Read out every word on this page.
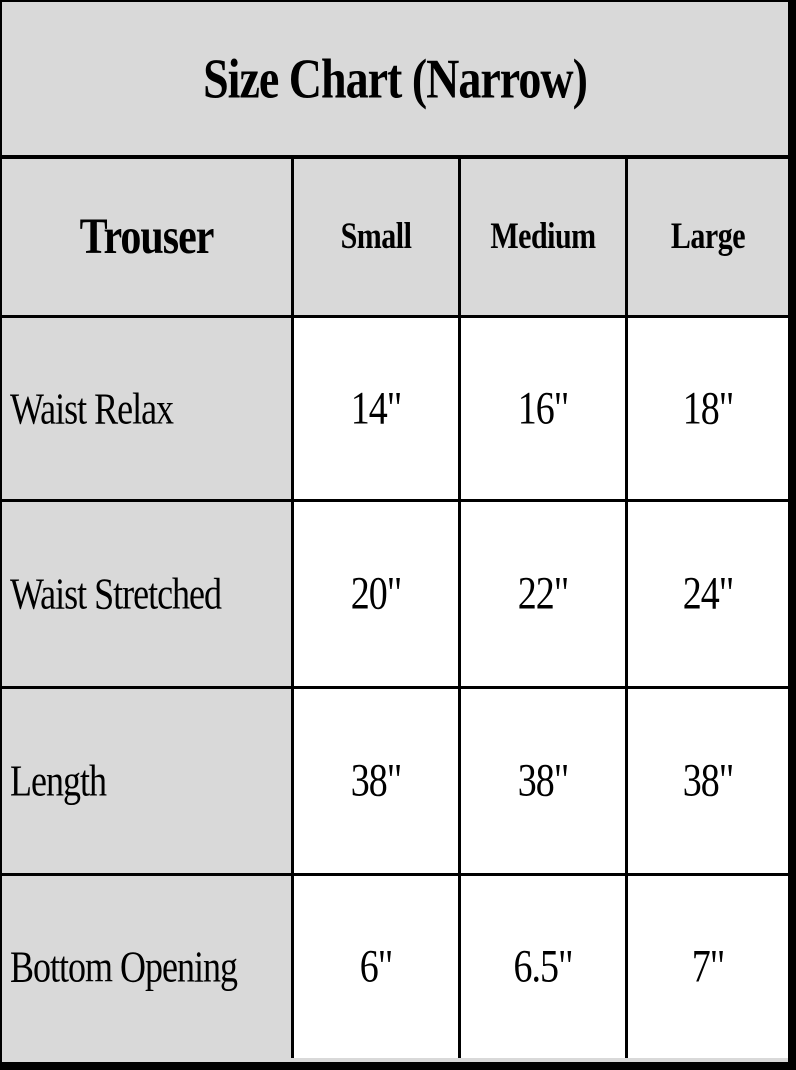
Size Chart (Narrow)
Trouser	Small	Medium	Large
Waist Relax	14"	16"	18"
Waist Stretched	20"	22"	24"
Length	38"	38"	38"
Bottom Opening	6"	6.5"	7"
